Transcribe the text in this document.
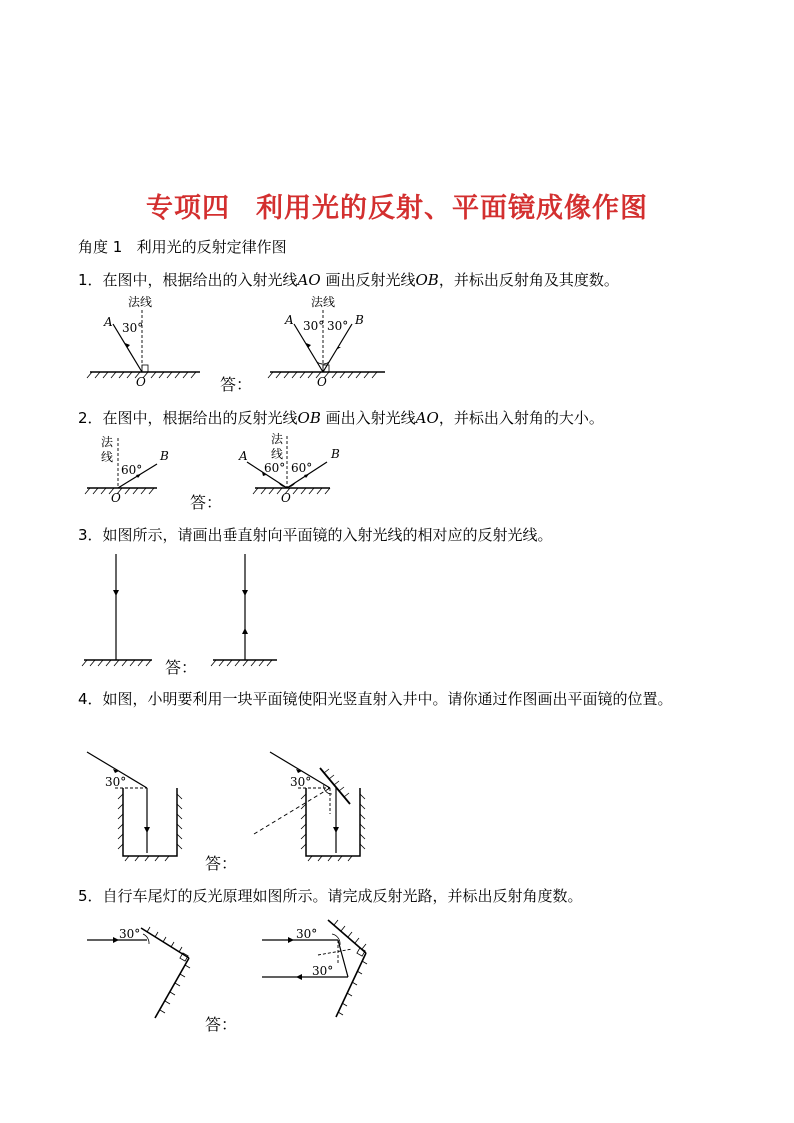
专项四 利用光的反射、平面镜成像作图
角度 1 利用光的反射定律作图
1．在图中，根据给出的入射光线AO 画出反射光线OB，并标出反射角及其度数。
法线
A 30°
O
法线
A	B
30° 30°
O
答：
2．在图中，根据给出的反射光线OB 画出入射光线AO，并标出入射角的大小。
法
线
60°
B
O
法
线
A	B
60° 60°
O
答：
3．如图所示，请画出垂直射向平面镜的入射光线的相对应的反射光线。
答：
4．如图，小明要利用一块平面镜使阳光竖直射入井中。请你通过作图画出平面镜的位置。
30°	30°
答：
5．自行车尾灯的反光原理如图所示。请完成反射光路，并标出反射角度数。
30°	30°
30°
答：
